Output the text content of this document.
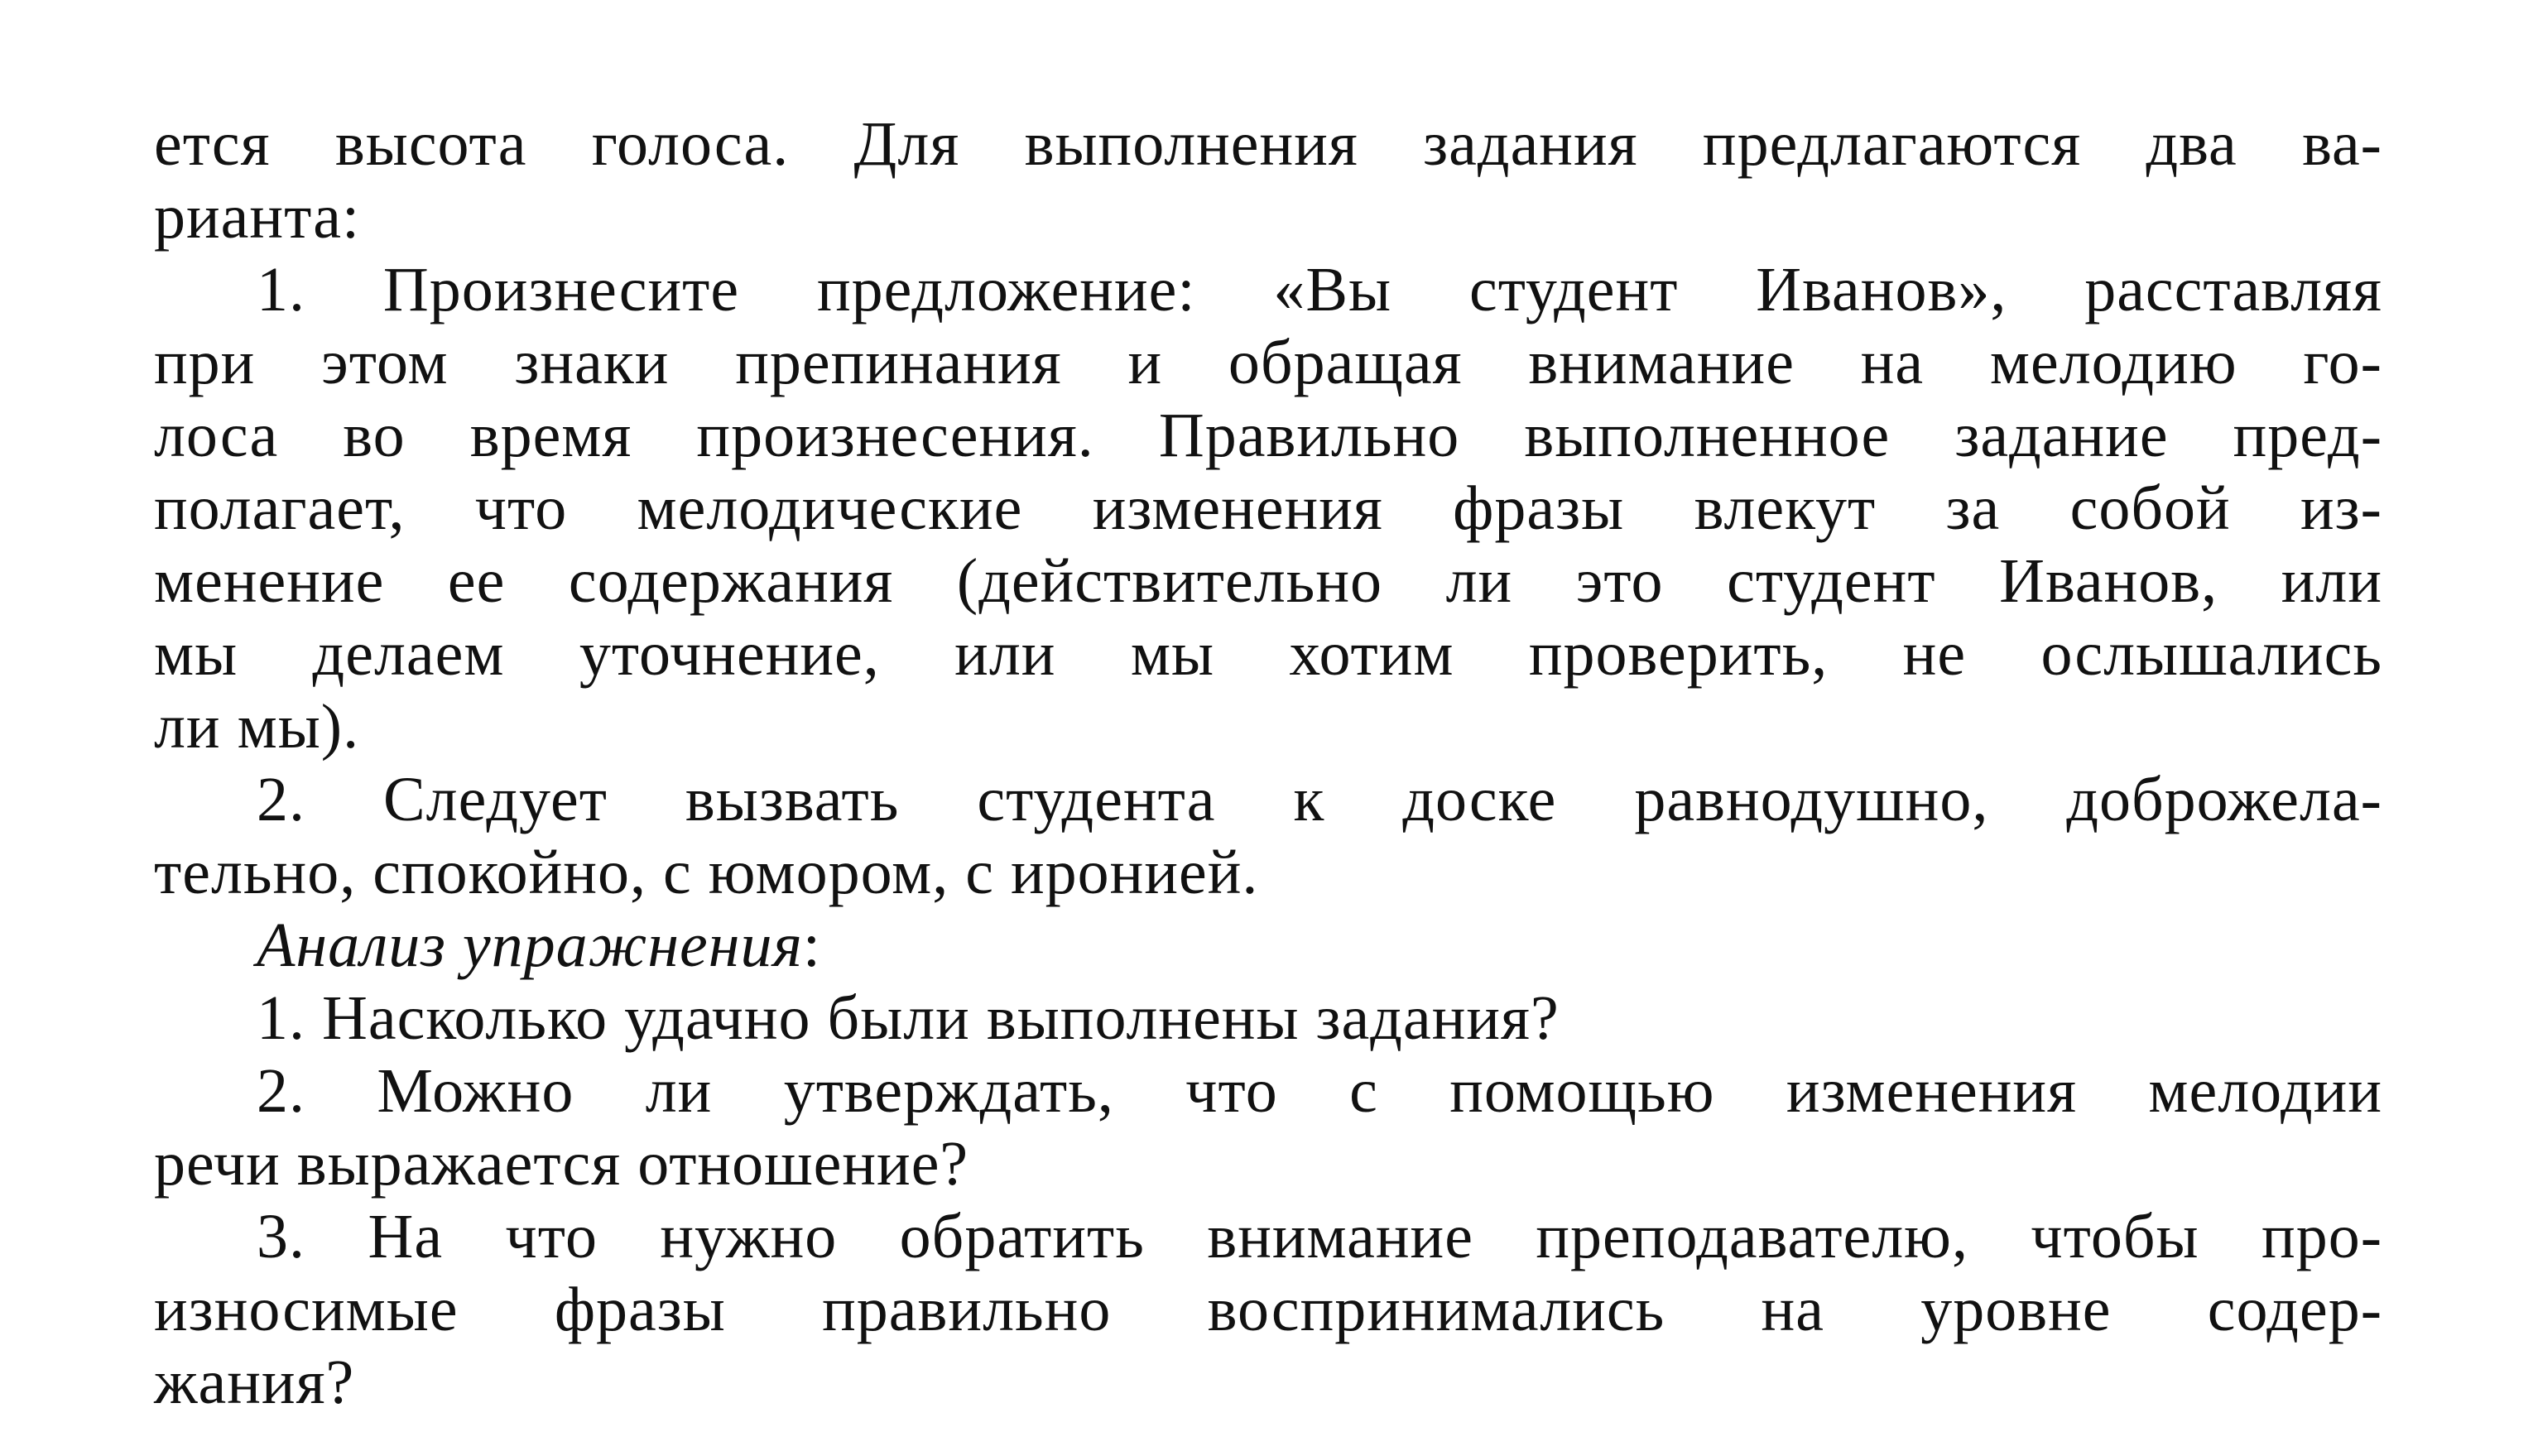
ется высота голоса. Для выполнения задания предлагаются два ва-
рианта:
1. Произнесите предложение: «Вы студент Иванов», расставляя
при этом знаки препинания и обращая внимание на мелодию го-
лоса во время произнесения. Правильно выполненное задание пред-
полагает, что мелодические изменения фразы влекут за собой из-
менение ее содержания (действительно ли это студент Иванов, или
мы делаем уточнение, или мы хотим проверить, не ослышались
ли мы).
2. Следует вызвать студента к доске равнодушно, доброжела-
тельно, спокойно, с юмором, с иронией.
Анализ упражнения:
1. Насколько удачно были выполнены задания?
2. Можно ли утверждать, что с помощью изменения мелодии
речи выражается отношение?
3. На что нужно обратить внимание преподавателю, чтобы про-
износимые фразы правильно воспринимались на уровне содер-
жания?
